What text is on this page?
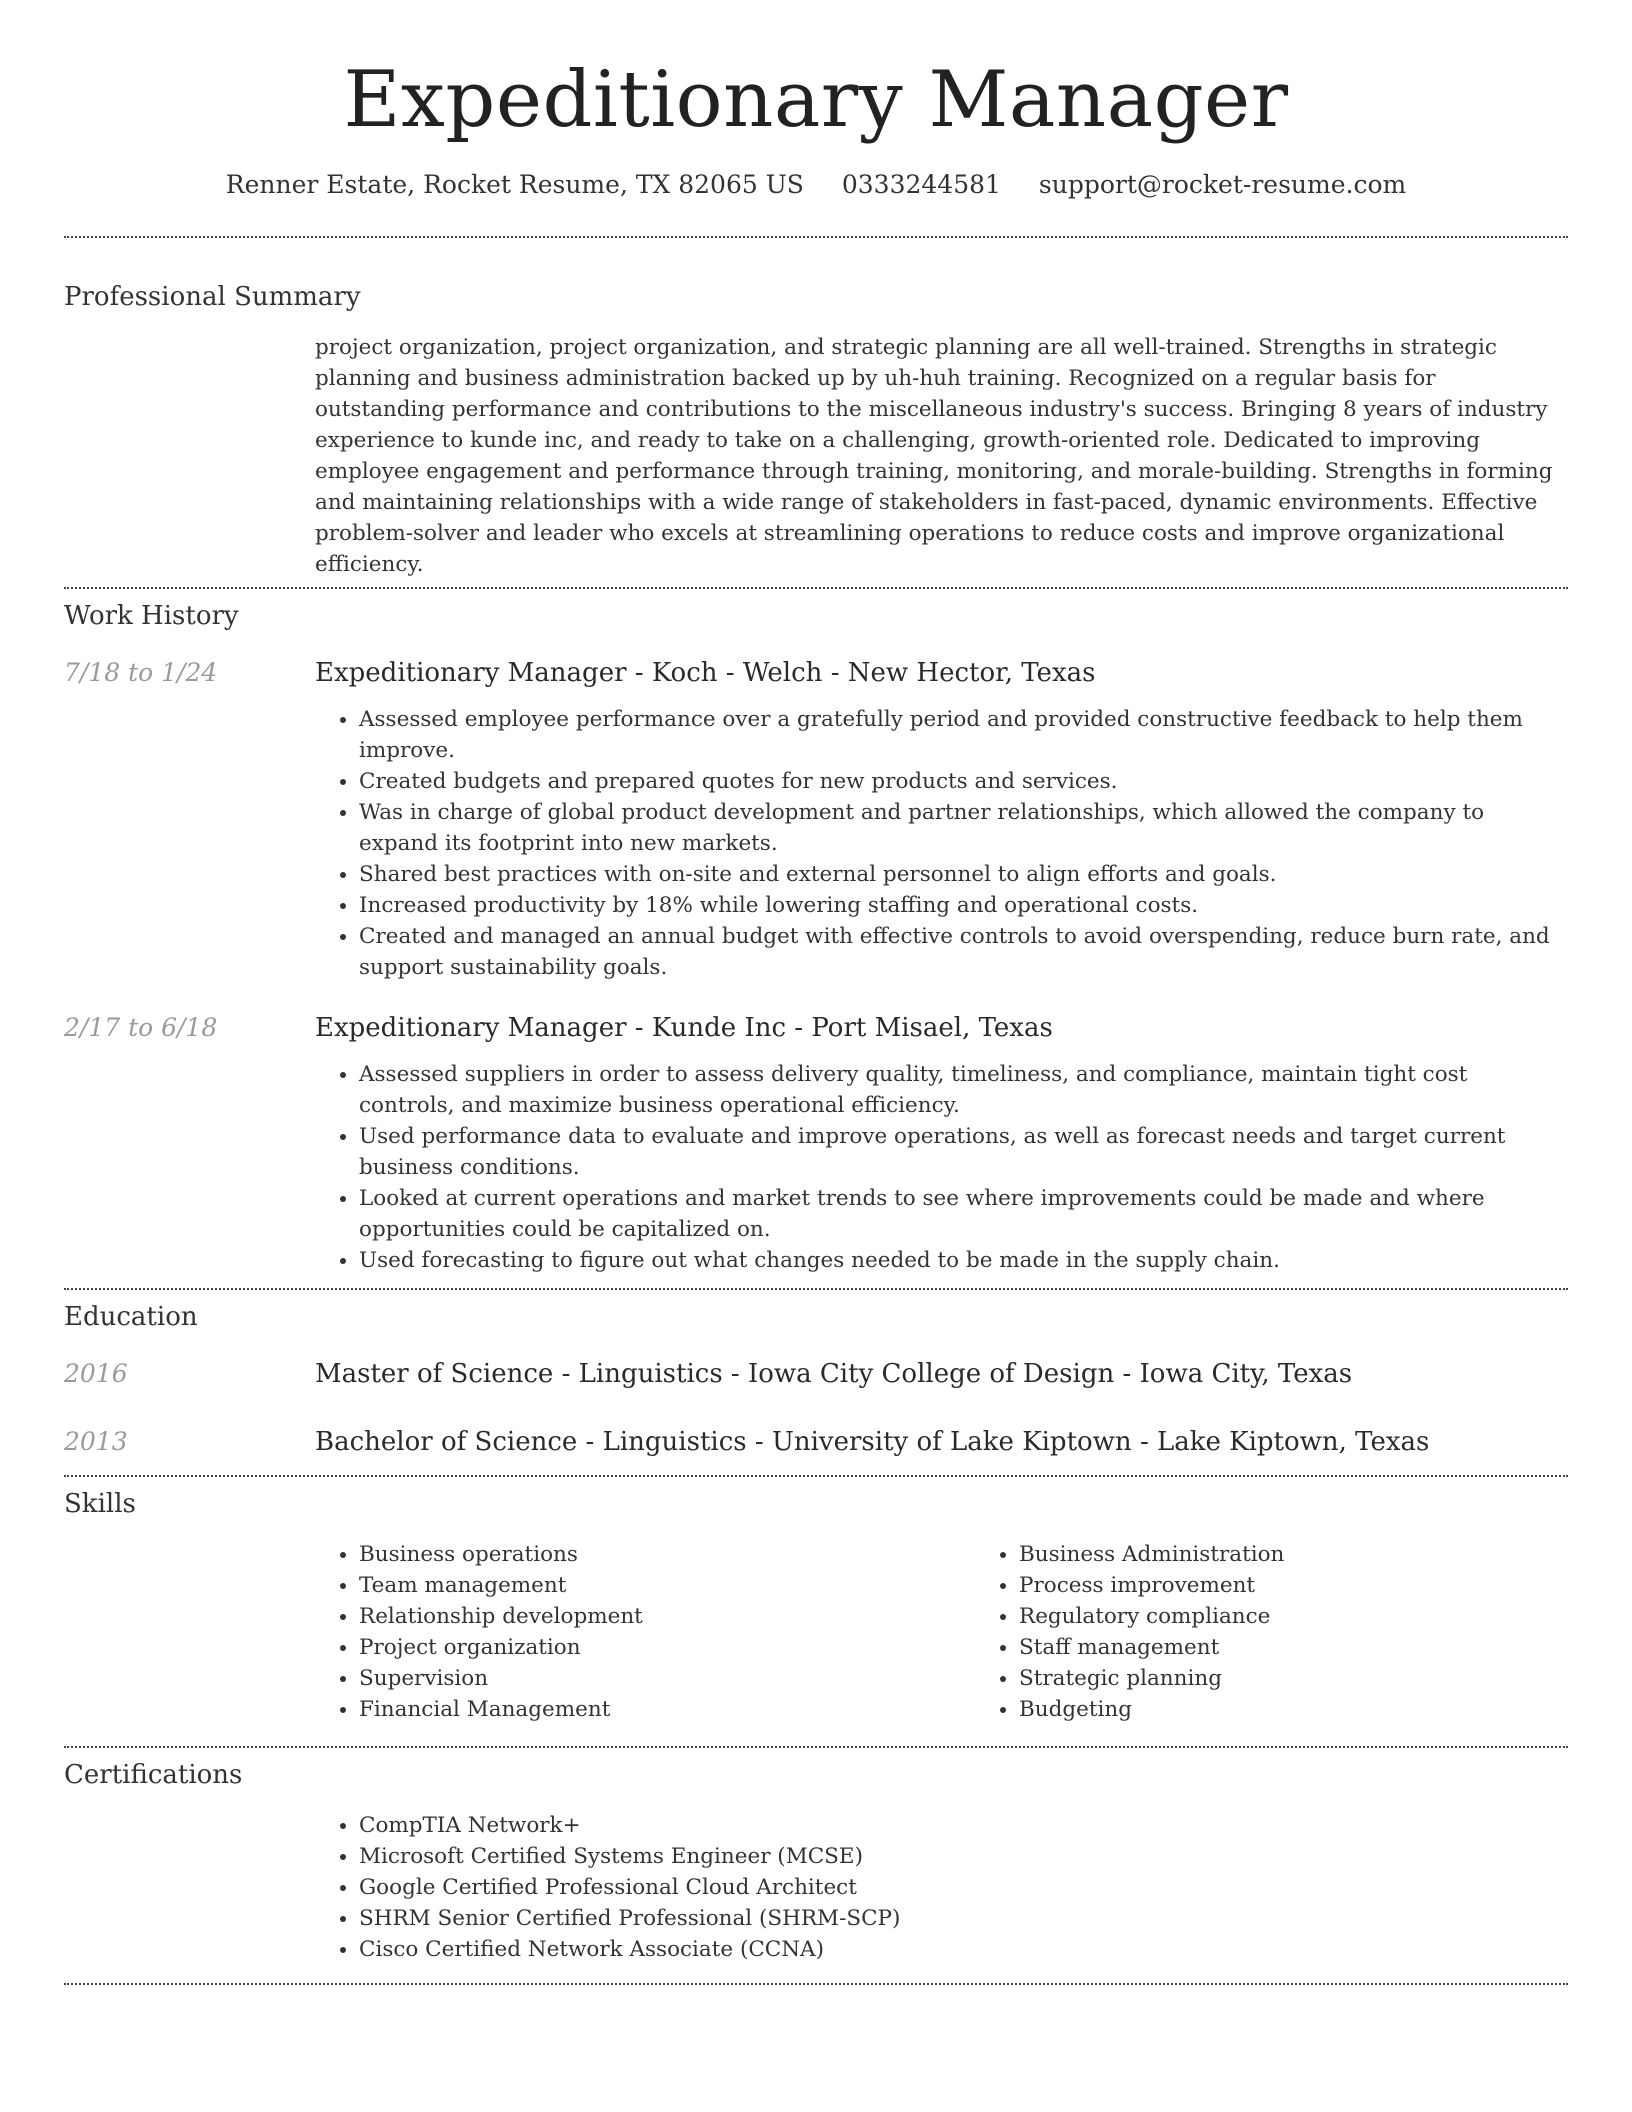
Expeditionary Manager
Renner Estate, Rocket Resume, TX 82065 US 0333244581 support@rocket-resume.com
Professional Summary

project organization, project organization, and strategic planning are all well-trained. Strengths in strategic planning and business administration backed up by uh-huh training. Recognized on a regular basis for outstanding performance and contributions to the miscellaneous industry's success. Bringing 8 years of industry experience to kunde inc, and ready to take on a challenging, growth-oriented role. Dedicated to improving employee engagement and performance through training, monitoring, and morale-building. Strengths in forming and maintaining relationships with a wide range of stakeholders in fast-paced, dynamic environments. Effective problem-solver and leader who excels at streamlining operations to reduce costs and improve organizational efficiency.

Work History
7/18 to 1/24	Expeditionary Manager - Koch - Welch - New Hector, Texas
• Assessed employee performance over a gratefully period and provided constructive feedback to help them improve.
• Created budgets and prepared quotes for new products and services.
• Was in charge of global product development and partner relationships, which allowed the company to expand its footprint into new markets.
• Shared best practices with on-site and external personnel to align efforts and goals.
• Increased productivity by 18% while lowering staffing and operational costs.
• Created and managed an annual budget with effective controls to avoid overspending, reduce burn rate, and support sustainability goals.
2/17 to 6/18	Expeditionary Manager - Kunde Inc - Port Misael, Texas
• Assessed suppliers in order to assess delivery quality, timeliness, and compliance, maintain tight cost controls, and maximize business operational efficiency.
• Used performance data to evaluate and improve operations, as well as forecast needs and target current business conditions.
• Looked at current operations and market trends to see where improvements could be made and where opportunities could be capitalized on.
• Used forecasting to figure out what changes needed to be made in the supply chain.
Education
2016	Master of Science - Linguistics - Iowa City College of Design - Iowa City, Texas
2013	Bachelor of Science - Linguistics - University of Lake Kiptown - Lake Kiptown, Texas
Skills
• Business operations
• Team management
• Relationship development
• Project organization
• Supervision
• Financial Management
• Business Administration
• Process improvement
• Regulatory compliance
• Staff management
• Strategic planning
• Budgeting
Certifications
• CompTIA Network+
• Microsoft Certified Systems Engineer (MCSE)
• Google Certified Professional Cloud Architect
• SHRM Senior Certified Professional (SHRM-SCP)
• Cisco Certified Network Associate (CCNA)
